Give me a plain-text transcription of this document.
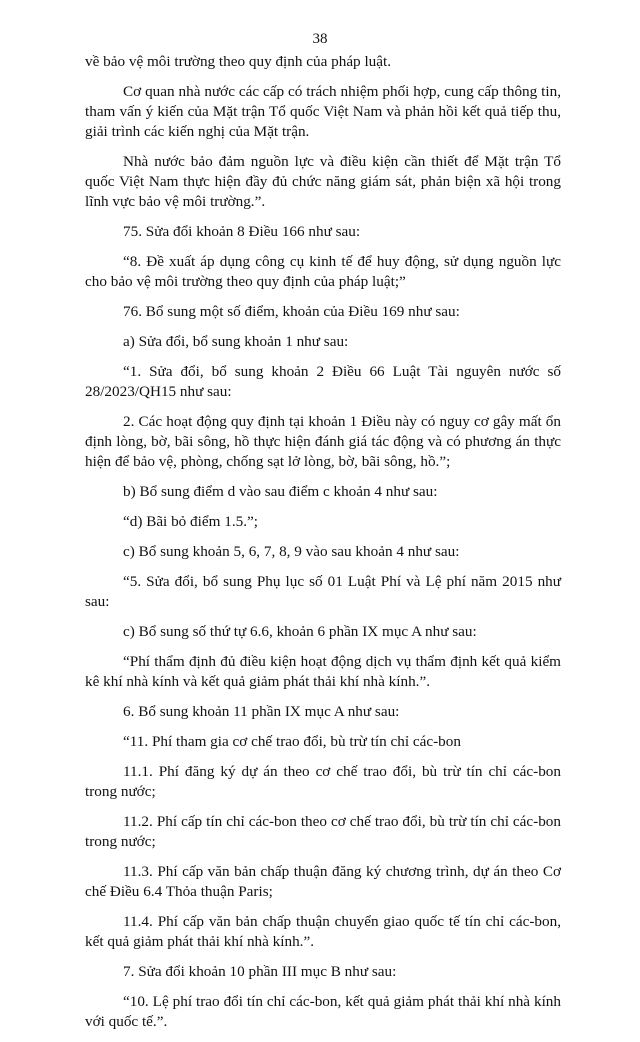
38

về bảo vệ môi trường theo quy định của pháp luật.

Cơ quan nhà nước các cấp có trách nhiệm phối hợp, cung cấp thông tin, tham vấn ý kiến của Mặt trận Tổ quốc Việt Nam và phản hồi kết quả tiếp thu, giải trình các kiến nghị của Mặt trận.

Nhà nước bảo đảm nguồn lực và điều kiện cần thiết để Mặt trận Tổ quốc Việt Nam thực hiện đầy đủ chức năng giám sát, phản biện xã hội trong lĩnh vực bảo vệ môi trường.”.

75. Sửa đổi khoản 8 Điều 166 như sau:

“8. Đề xuất áp dụng công cụ kinh tế để huy động, sử dụng nguồn lực cho bảo vệ môi trường theo quy định của pháp luật;”

76. Bổ sung một số điểm, khoản của Điều 169 như sau:

a) Sửa đổi, bổ sung khoản 1 như sau:

“1. Sửa đổi, bổ sung khoản 2 Điều 66 Luật Tài nguyên nước số 28/2023/QH15 như sau:

2. Các hoạt động quy định tại khoản 1 Điều này có nguy cơ gây mất ổn định lòng, bờ, bãi sông, hồ thực hiện đánh giá tác động và có phương án thực hiện để bảo vệ, phòng, chống sạt lở lòng, bờ, bãi sông, hồ.”;

b) Bổ sung điểm d vào sau điểm c khoản 4 như sau:

“d) Bãi bỏ điểm 1.5.”;

c) Bổ sung khoản 5, 6, 7, 8, 9 vào sau khoản 4 như sau:

“5. Sửa đổi, bổ sung Phụ lục số 01 Luật Phí và Lệ phí năm 2015 như sau:

c) Bổ sung số thứ tự 6.6, khoản 6 phần IX mục A như sau:

“Phí thẩm định đủ điều kiện hoạt động dịch vụ thẩm định kết quả kiểm kê khí nhà kính và kết quả giảm phát thải khí nhà kính.”.

6. Bổ sung khoản 11 phần IX mục A như sau:

“11. Phí tham gia cơ chế trao đổi, bù trừ tín chỉ các-bon

11.1. Phí đăng ký dự án theo cơ chế trao đổi, bù trừ tín chỉ các-bon trong nước;

11.2. Phí cấp tín chỉ các-bon theo cơ chế trao đổi, bù trừ tín chỉ các-bon trong nước;

11.3. Phí cấp văn bản chấp thuận đăng ký chương trình, dự án theo Cơ chế Điều 6.4 Thỏa thuận Paris;

11.4. Phí cấp văn bản chấp thuận chuyển giao quốc tế tín chỉ các-bon, kết quả giảm phát thải khí nhà kính.”.

7. Sửa đổi khoản 10 phần III mục B như sau:

“10. Lệ phí trao đổi tín chỉ các-bon, kết quả giảm phát thải khí nhà kính với quốc tế.”.
